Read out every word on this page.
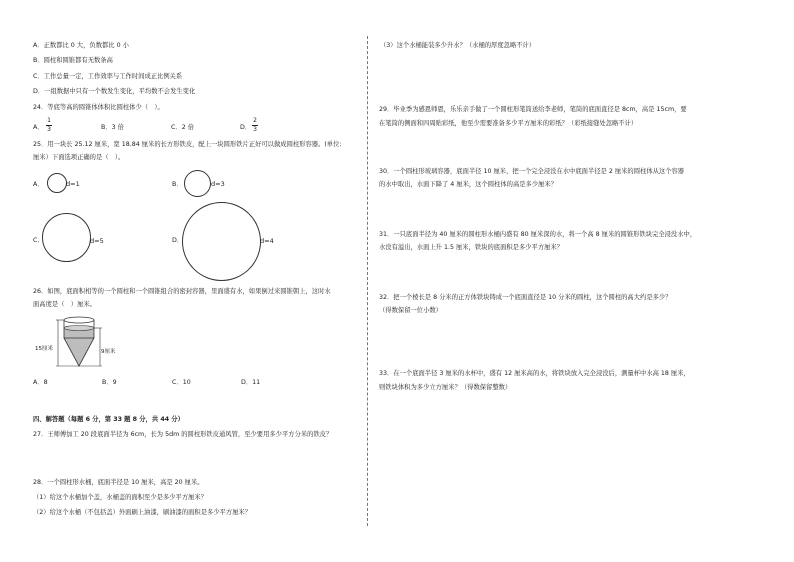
A．正数都比 0 大，负数都比 0 小
B．圆柱和圆锥都有无数条高
C．工作总量一定，工作效率与工作时间成正比例关系
D．一组数据中只有一个数发生变化，平均数不会发生变化
24．等底等高的圆锥体体积比圆柱体少（　）。
A．
1
3	B．3 倍	C．2 倍	D．
2
3
25．用一块长 25.12 厘米，宽 18.84 厘米的长方形铁皮，配上一块圆形铁片正好可以做成圆柱形容器。(单位:
厘米）下面选项正确的是（　）。
A．	d=1	B．	d=3
C．	d=5	D．	d=4
26．如图，底面积相等的一个圆柱和一个圆锥组合的密封容器，里面盛有水，如果倒过来圆锥朝上，这时水
面高度是（　）厘米。
15厘米	9厘米
A．8	B．9	C．10	D．11
四、解答题（每题 6 分，第 33 题 8 分，共 44 分）
27．王师傅加工 20 段底面半径为 6cm，长为 5dm 的圆柱形铁皮通风管，至少要用多少平方分米的铁皮？
28．一个圆柱形水桶，底面半径是 10 厘米，高是 20 厘米。
（1）给这个水桶加个盖，水桶盖的面积至少是多少平方厘米？
（2）给这个水桶（不包括盖）外面刷上油漆，刷油漆的面积是多少平方厘米？
（3）这个水桶能装多少升水？（水桶的厚度忽略不计）
29．毕业季为感恩师恩，乐乐亲手做了一个圆柱形笔筒送给李老师，笔筒的底面直径是 8cm，高是 15cm，要
在笔筒的侧面和四周贴彩纸，他至少需要准备多少平方厘米的彩纸？（彩纸接缝处忽略不计）
30．一个圆柱形玻璃容器，底面半径 10 厘米，把一个完全浸没在水中底面半径是 2 厘米的圆柱体从这个容器
的水中取出，水面下降了 4 厘米，这个圆柱体的高是多少厘米？
31．一只底面半径为 40 厘米的圆柱形水桶内盛有 80 厘米深的水，将一个高 8 厘米的圆锥形铁块完全浸没水中，
水没有溢出，水面上升 1.5 厘米，铁块的底面积是多少平方厘米？
32．把一个棱长是 8 分米的正方体铁块铸成一个底面直径是 10 分米的圆柱，这个圆柱的高大约是多少？
（得数保留一位小数）
33．在一个底面半径 3 厘米的水杯中，盛有 12 厘米高的水，将铁块放入完全浸没后，测量杯中水高 18 厘米，
则铁块体积为多少立方厘米？（得数保留整数）
